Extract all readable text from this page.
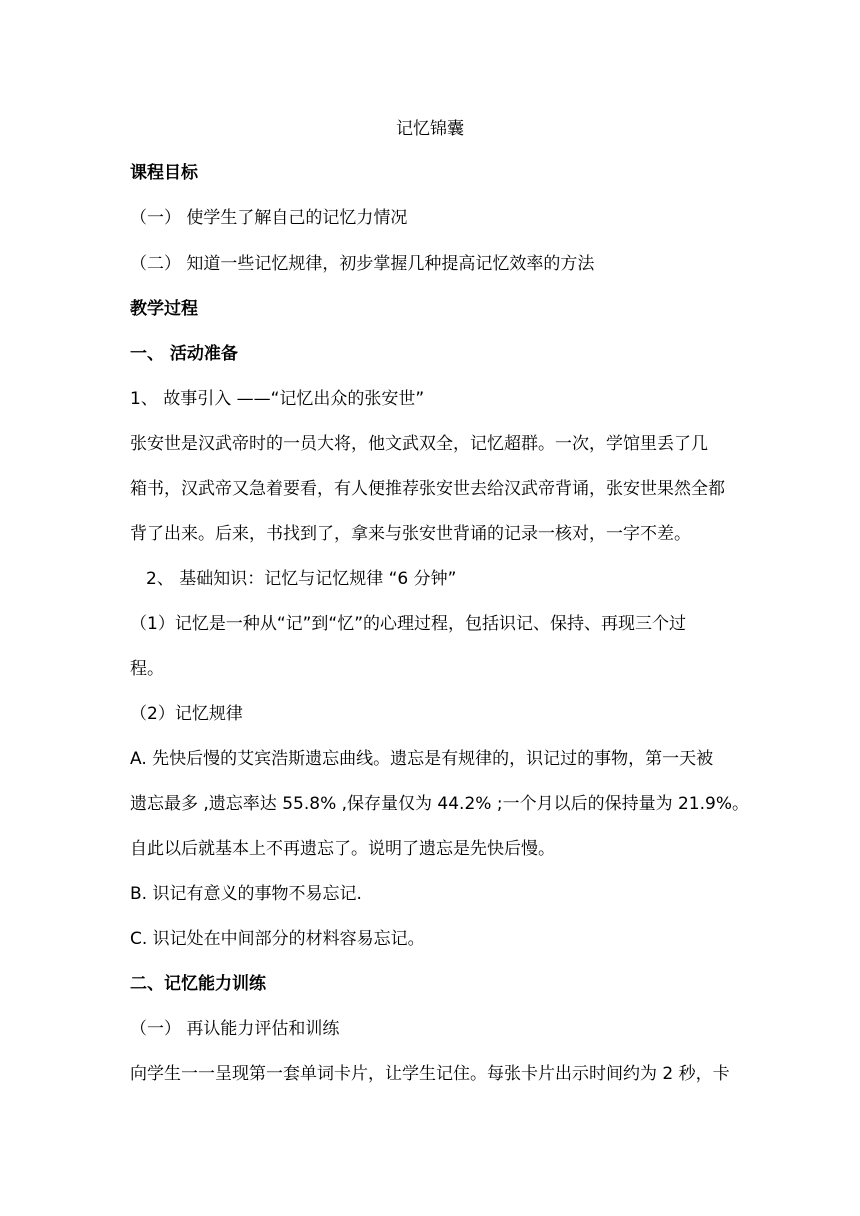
记忆锦囊
课程目标
（一） 使学生了解自己的记忆力情况
（二） 知道一些记忆规律，初步掌握几种提高记忆效率的方法
教学过程
一、 活动准备
1、 故事引入 ——“记忆出众的张安世”
张安世是汉武帝时的一员大将，他文武双全，记忆超群。一次，学馆里丢了几
箱书，汉武帝又急着要看，有人便推荐张安世去给汉武帝背诵，张安世果然全都
背了出来。后来，书找到了，拿来与张安世背诵的记录一核对，一字不差。
2、 基础知识：记忆与记忆规律 “6 分钟”
（1）记忆是一种从“记”到“忆”的心理过程，包括识记、保持、再现三个过
程。
（2）记忆规律
A. 先快后慢的艾宾浩斯遗忘曲线。遗忘是有规律的，识记过的事物，第一天被
遗忘最多 ,遗忘率达 55.8% ,保存量仅为 44.2% ;一个月以后的保持量为 21.9%。
自此以后就基本上不再遗忘了。说明了遗忘是先快后慢。
B. 识记有意义的事物不易忘记.
C. 识记处在中间部分的材料容易忘记。
二、记忆能力训练
（一） 再认能力评估和训练
向学生一一呈现第一套单词卡片，让学生记住。每张卡片出示时间约为 2 秒，卡
